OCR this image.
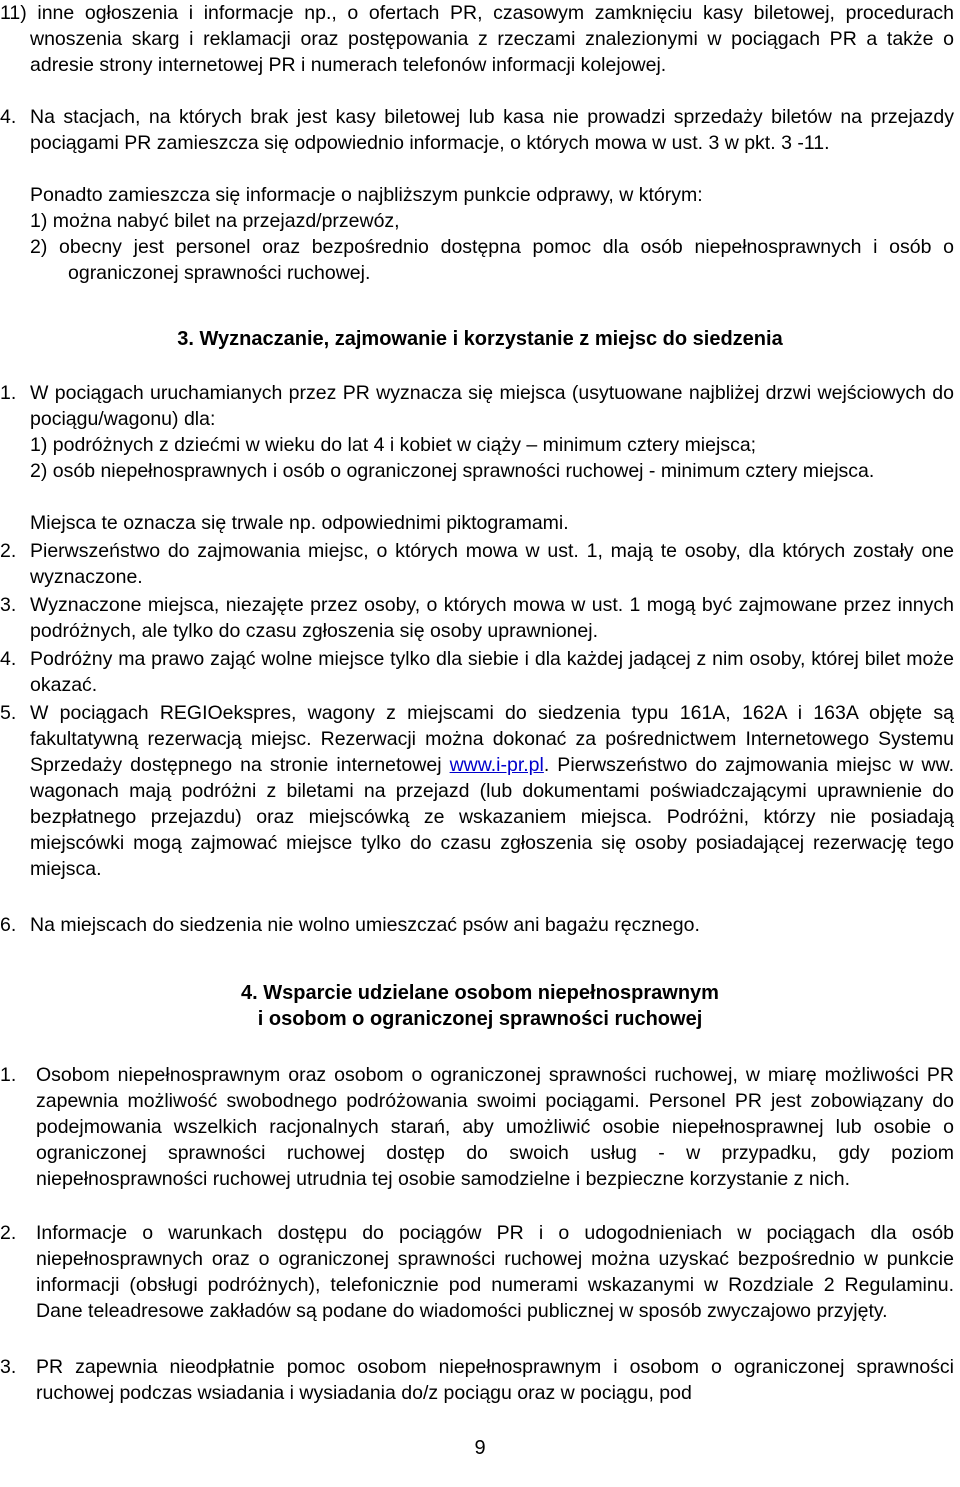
11) inne ogłoszenia i informacje np., o ofertach PR, czasowym zamknięciu kasy biletowej, procedurach wnoszenia skarg i reklamacji oraz postępowania z rzeczami znalezionymi w pociągach PR a także o adresie strony internetowej PR i numerach telefonów informacji kolejowej.
4. Na stacjach, na których brak jest kasy biletowej lub kasa nie prowadzi sprzedaży biletów na przejazdy pociągami PR zamieszcza się odpowiednio informacje, o których mowa w ust. 3 w pkt. 3 -11.
Ponadto zamieszcza się informacje o najbliższym punkcie odprawy, w którym:
1) można nabyć bilet na przejazd/przewóz,
2) obecny jest personel oraz bezpośrednio dostępna pomoc dla osób niepełnosprawnych i osób o ograniczonej sprawności ruchowej.
3. Wyznaczanie, zajmowanie i korzystanie z miejsc do siedzenia
1. W pociągach uruchamianych przez PR wyznacza się miejsca (usytuowane najbliżej drzwi wejściowych do pociągu/wagonu) dla:
1) podróżnych z dziećmi w wieku do lat 4 i kobiet w ciąży – minimum cztery miejsca;
2) osób niepełnosprawnych i osób o ograniczonej sprawności ruchowej - minimum cztery miejsca.
Miejsca te oznacza się trwale np. odpowiednimi piktogramami.
2. Pierwszeństwo do zajmowania miejsc, o których mowa w ust. 1, mają te osoby, dla których zostały one wyznaczone.
3. Wyznaczone miejsca, niezajęte przez osoby, o których mowa w ust. 1 mogą być zajmowane przez innych podróżnych, ale tylko do czasu zgłoszenia się osoby uprawnionej.
4. Podróżny ma prawo zająć wolne miejsce tylko dla siebie i dla każdej jadącej z nim osoby, której bilet może okazać.
5. W pociągach REGIOekspres, wagony z miejscami do siedzenia typu 161A, 162A i 163A objęte są fakultatywną rezerwacją miejsc. Rezerwacji można dokonać za pośrednictwem Internetowego Systemu Sprzedaży dostępnego na stronie internetowej www.i-pr.pl. Pierwszeństwo do zajmowania miejsc w ww. wagonach mają podróżni z biletami na przejazd (lub dokumentami poświadczającymi uprawnienie do bezpłatnego przejazdu) oraz miejscówką ze wskazaniem miejsca. Podróżni, którzy nie posiadają miejscówki mogą zajmować miejsce tylko do czasu zgłoszenia się osoby posiadającej rezerwację tego miejsca.
6. Na miejscach do siedzenia nie wolno umieszczać psów ani bagażu ręcznego.
4. Wsparcie udzielane osobom niepełnosprawnym
i osobom o ograniczonej sprawności ruchowej
1. Osobom niepełnosprawnym oraz osobom o ograniczonej sprawności ruchowej, w miarę możliwości PR zapewnia możliwość swobodnego podróżowania swoimi pociągami. Personel PR jest zobowiązany do podejmowania wszelkich racjonalnych starań, aby umożliwić osobie niepełnosprawnej lub osobie o ograniczonej sprawności ruchowej dostęp do swoich usług - w przypadku, gdy poziom niepełnosprawności ruchowej utrudnia tej osobie samodzielne i bezpieczne korzystanie z nich.
2. Informacje o warunkach dostępu do pociągów PR i o udogodnieniach w pociągach dla osób niepełnosprawnych oraz o ograniczonej sprawności ruchowej można uzyskać bezpośrednio w punkcie informacji (obsługi podróżnych), telefonicznie pod numerami wskazanymi w Rozdziale 2 Regulaminu. Dane teleadresowe zakładów są podane do wiadomości publicznej w sposób zwyczajowo przyjęty.
3. PR zapewnia nieodpłatnie pomoc osobom niepełnosprawnym i osobom o ograniczonej sprawności ruchowej podczas wsiadania i wysiadania do/z pociągu oraz w pociągu, pod
9
